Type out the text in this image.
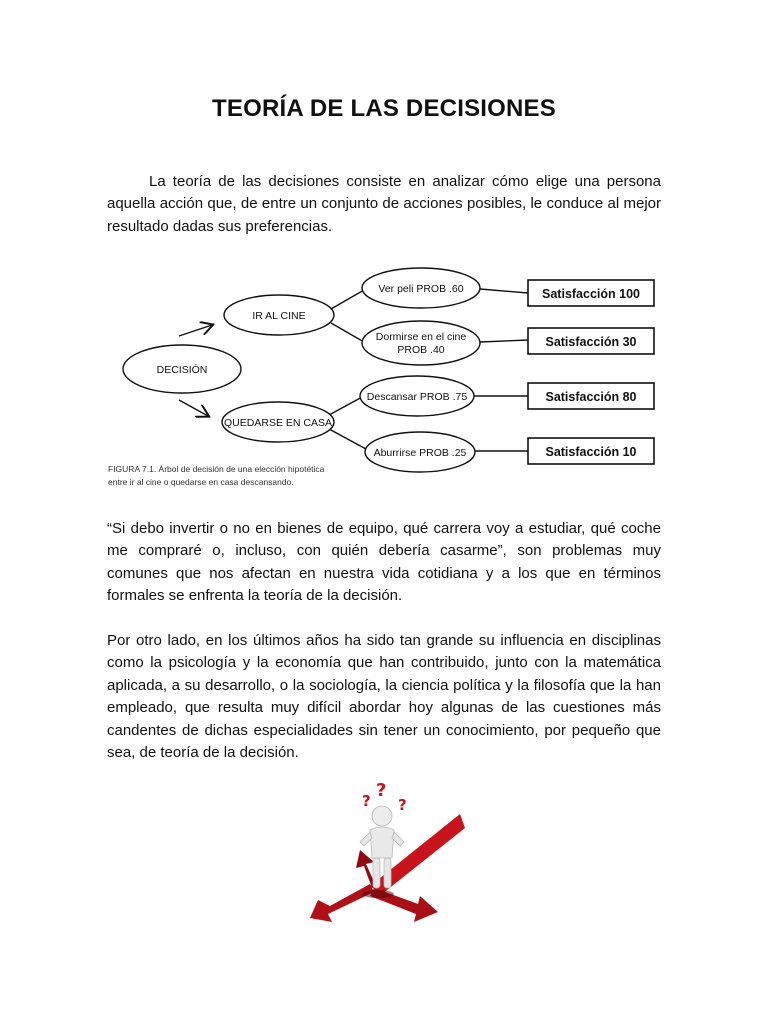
TEORÍA DE LAS DECISIONES

La teoría de las decisiones consiste en analizar cómo elige una persona aquella acción que, de entre un conjunto de acciones posibles, le conduce al mejor resultado dadas sus preferencias.

DECISIÓN
IR AL CINE
QUEDARSE EN CASA
Ver peli PROB .60
Dormirse en el cine
PROB .40
Descansar PROB .75
Aburrirse PROB .25
Satisfacción 100
Satisfacción 30
Satisfacción 80
Satisfacción 10
FIGURA 7.1. Árbol de decisión de una elección hipotética
entre ir al cine o quedarse en casa descansando.

“Si debo invertir o no en bienes de equipo, qué carrera voy a estudiar, qué coche me compraré o, incluso, con quién debería casarme”, son problemas muy comunes que nos afectan en nuestra vida cotidiana y a los que en términos formales se enfrenta la teoría de la decisión.

Por otro lado, en los últimos años ha sido tan grande su influencia en disciplinas como la psicología y la economía que han contribuido, junto con la matemática aplicada, a su desarrollo, o la sociología, la ciencia política y la filosofía que la han empleado, que resulta muy difícil abordar hoy algunas de las cuestiones más candentes de dichas especialidades sin tener un conocimiento, por pequeño que sea, de teoría de la decisión.

? ?
?
